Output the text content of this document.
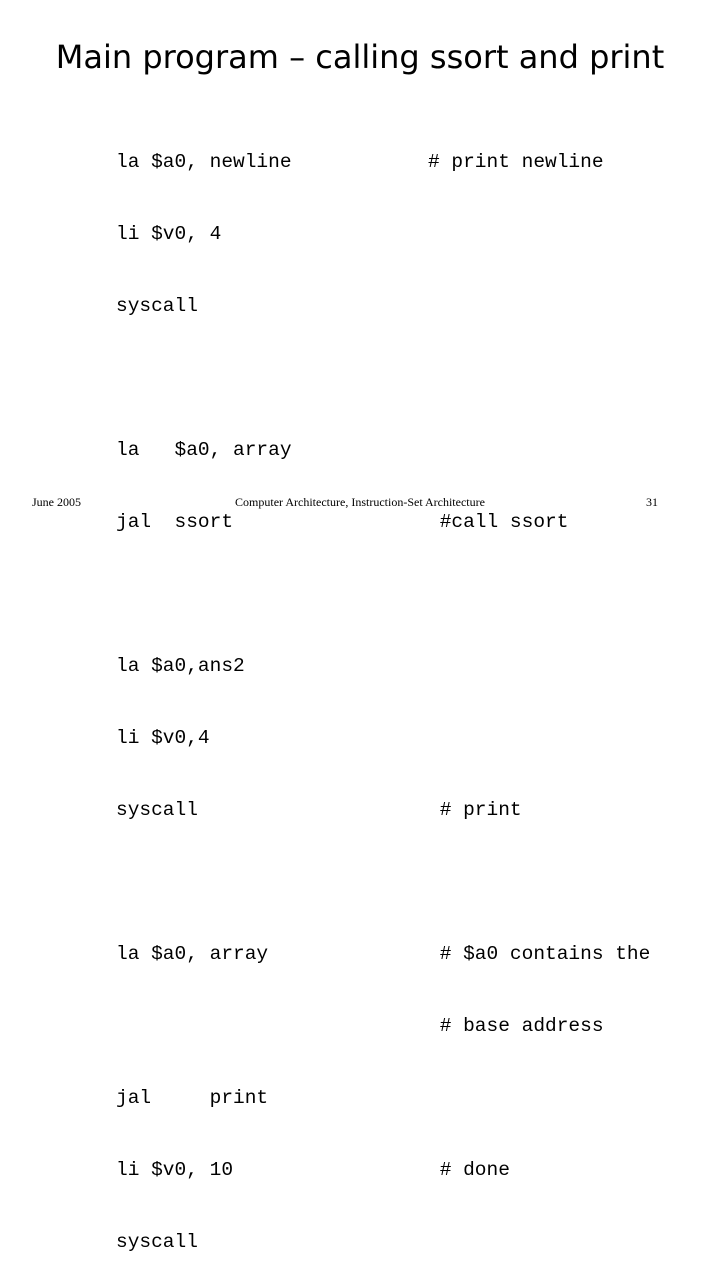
Main program – calling ssort and print

la $a0, newline

li $v0, 4

syscall

la   $a0, array

jal  ssort

la $a0,ans2

li $v0,4

syscall

la $a0, array

jal     print

li $v0, 10

syscall

# print newline

#call ssort

# print

# $a0 contains the

# base address

# done

June 2005	Computer Architecture, Instruction-Set Architecture	31
